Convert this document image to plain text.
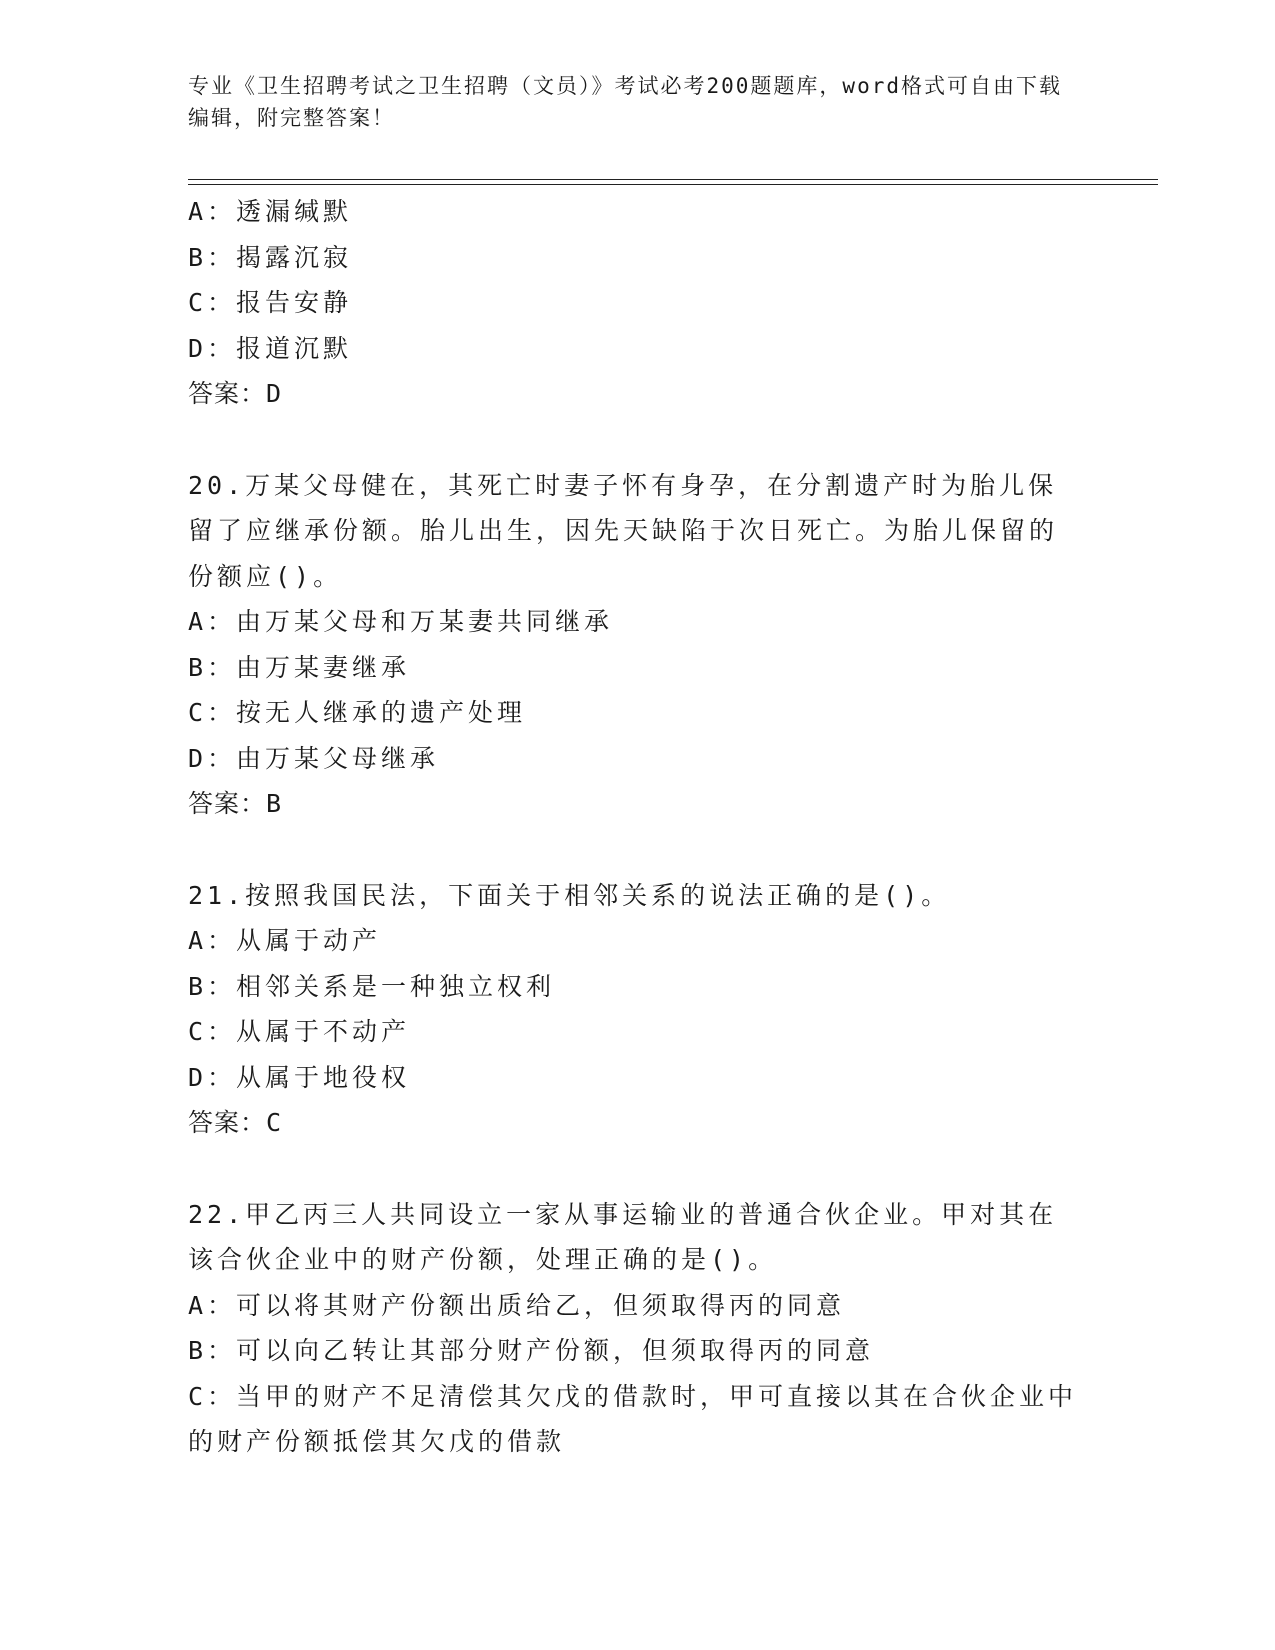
专业《卫生招聘考试之卫生招聘（文员）》考试必考200题题库，word格式可自由下载编辑，附完整答案！
A：透漏缄默
B：揭露沉寂
C：报告安静
D：报道沉默
答案：D
20.万某父母健在，其死亡时妻子怀有身孕，在分割遗产时为胎儿保留了应继承份额。胎儿出生，因先天缺陷于次日死亡。为胎儿保留的份额应()。
A：由万某父母和万某妻共同继承
B：由万某妻继承
C：按无人继承的遗产处理
D：由万某父母继承
答案：B
21.按照我国民法，下面关于相邻关系的说法正确的是()。
A：从属于动产
B：相邻关系是一种独立权利
C：从属于不动产
D：从属于地役权
答案：C
22.甲乙丙三人共同设立一家从事运输业的普通合伙企业。甲对其在该合伙企业中的财产份额，处理正确的是()。
A：可以将其财产份额出质给乙，但须取得丙的同意
B：可以向乙转让其部分财产份额，但须取得丙的同意
C：当甲的财产不足清偿其欠戊的借款时，甲可直接以其在合伙企业中的财产份额抵偿其欠戊的借款
